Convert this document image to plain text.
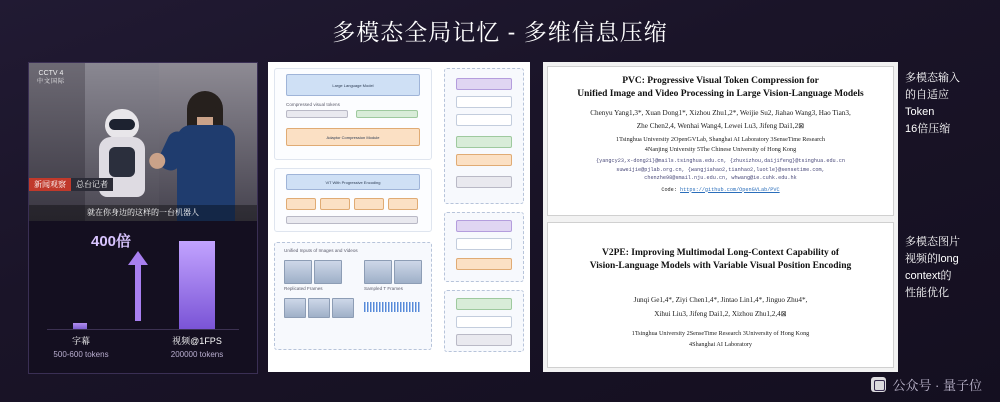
多模态全局记忆 - 多维信息压缩
CCTV 4
中文国际
新闻观察	总台记者
就在你身边的这样的一台机器人
400倍
字幕
500-600 tokens
视频@1FPS
200000 tokens
Large Language Model
Compressed visual tokens
Adaptor Compression Module
ViT With Progressive Encoding
Unified Inputs of Images and Videos
Replicated Frames	Sampled T Frames
PVC: Progressive Visual Token Compression for
Unified Image and Video Processing in Large Vision-Language Models
Chenyu Yang1,3*, Xuan Dong1*, Xizhou Zhu1,2*, Weijie Su2, Jiahao Wang3, Hao Tian3,
Zhe Chen2,4, Wenhai Wang4, Lewei Lu3, Jifeng Dai1,2⊠
1Tsinghua University 2OpenGVLab, Shanghai AI Laboratory 3SenseTime Research
4Nanjing University 5The Chinese University of Hong Kong
{yangcy23,x-dong21}@mails.tsinghua.edu.cn, {zhuxizhou,daijifeng}@tsinghua.edu.cn
suweijie@pjlab.org.cn, {wangjiahao2,tianhao2,luotle}@sensetime.com,
chenzhe98@smail.nju.edu.cn, whwang@ie.cuhk.edu.hk
Code: https://github.com/OpenGVLab/PVC
V2PE: Improving Multimodal Long-Context Capability of
Vision-Language Models with Variable Visual Position Encoding
Junqi Ge1,4*, Ziyi Chen1,4*, Jintao Lin1,4*, Jinguo Zhu4*,
Xihui Liu3, Jifeng Dai1,2, Xizhou Zhu1,2,4⊠
1Tsinghua University 2SenseTime Research 3University of Hong Kong
4Shanghai AI Laboratory
多模态输入
的自适应
Token
16倍压缩
多模态图片
视频的long
context的
性能优化
公众号 · 量子位
